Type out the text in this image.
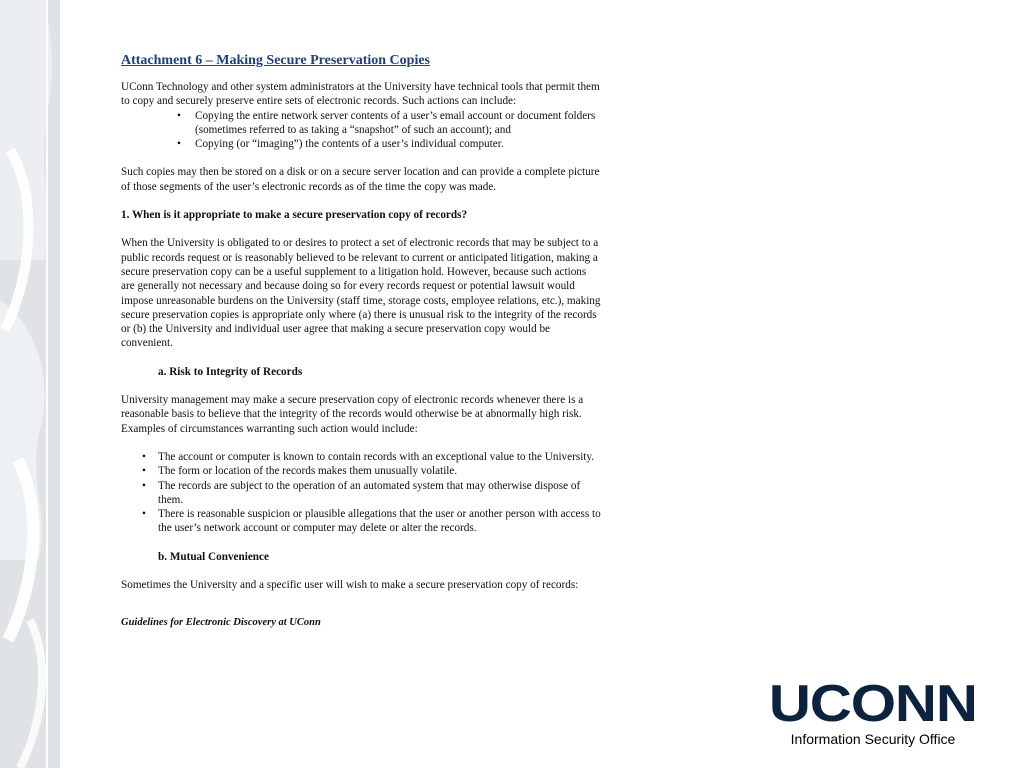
Attachment 6 – Making Secure Preservation Copies

UConn Technology and other system administrators at the University have technical tools that permit them to copy and securely preserve entire sets of electronic records. Such actions can include:

• Copying the entire network server contents of a user’s email account or document folders (sometimes referred to as taking a “snapshot” of such an account); and
• Copying (or “imaging”) the contents of a user’s individual computer.

Such copies may then be stored on a disk or on a secure server location and can provide a complete picture of those segments of the user’s electronic records as of the time the copy was made.

1. When is it appropriate to make a secure preservation copy of records?

When the University is obligated to or desires to protect a set of electronic records that may be subject to a public records request or is reasonably believed to be relevant to current or anticipated litigation, making a secure preservation copy can be a useful supplement to a litigation hold. However, because such actions are generally not necessary and because doing so for every records request or potential lawsuit would impose unreasonable burdens on the University (staff time, storage costs, employee relations, etc.), making secure preservation copies is appropriate only where (a) there is unusual risk to the integrity of the records or (b) the University and individual user agree that making a secure preservation copy would be convenient.

a. Risk to Integrity of Records

University management may make a secure preservation copy of electronic records whenever there is a reasonable basis to believe that the integrity of the records would otherwise be at abnormally high risk. Examples of circumstances warranting such action would include:

• The account or computer is known to contain records with an exceptional value to the University.
• The form or location of the records makes them unusually volatile.
• The records are subject to the operation of an automated system that may otherwise dispose of them.
• There is reasonable suspicion or plausible allegations that the user or another person with access to the user’s network account or computer may delete or alter the records.

b. Mutual Convenience

Sometimes the University and a specific user will wish to make a secure preservation copy of records:

Guidelines for Electronic Discovery at UConn

UCONN
Information Security Office
